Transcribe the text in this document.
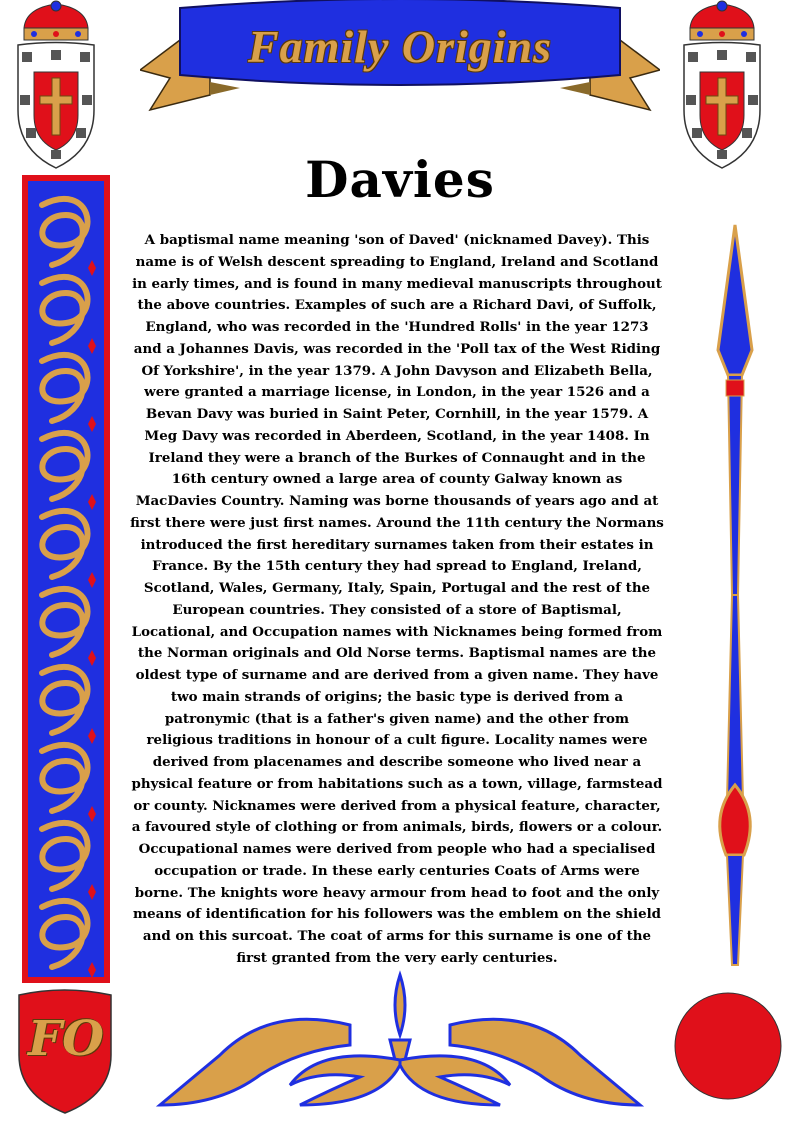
Family Origins
Davies
A baptismal name meaning 'son of Daved' (nicknamed Davey). This name is of Welsh descent spreading to England, Ireland and Scotland in early times, and is found in many medieval manuscripts throughout the above countries. Examples of such are a Richard Davi, of Suffolk, England, who was recorded in the 'Hundred Rolls' in the year 1273 and a Johannes Davis, was recorded in the 'Poll tax of the West Riding Of Yorkshire', in the year 1379. A John Davyson and Elizabeth Bella, were granted a marriage license, in London, in the year 1526 and a Bevan Davy was buried in Saint Peter, Cornhill, in the year 1579. A Meg Davy was recorded in Aberdeen, Scotland, in the year 1408. In Ireland they were a branch of the Burkes of Connaught and in the 16th century owned a large area of county Galway known as MacDavies Country. Naming was borne thousands of years ago and at first there were just first names. Around the 11th century the Normans introduced the first hereditary surnames taken from their estates in France. By the 15th century they had spread to England, Ireland, Scotland, Wales, Germany, Italy, Spain, Portugal and the rest of the European countries. They consisted of a store of Baptismal, Locational, and Occupation names with Nicknames being formed from the Norman originals and Old Norse terms. Baptismal names are the oldest type of surname and are derived from a given name. They have two main strands of origins; the basic type is derived from a patronymic (that is a father's given name) and the other from religious traditions in honour of a cult figure. Locality names were derived from placenames and describe someone who lived near a physical feature or from habitations such as a town, village, farmstead or county. Nicknames were derived from a physical feature, character, a favoured style of clothing or from animals, birds, flowers or a colour. Occupational names were derived from people who had a specialised occupation or trade. In these early centuries Coats of Arms were borne. The knights wore heavy armour from head to foot and the only means of identification for his followers was the emblem on the shield and on this surcoat. The coat of arms for this surname is one of the first granted from the very early centuries.
FO
